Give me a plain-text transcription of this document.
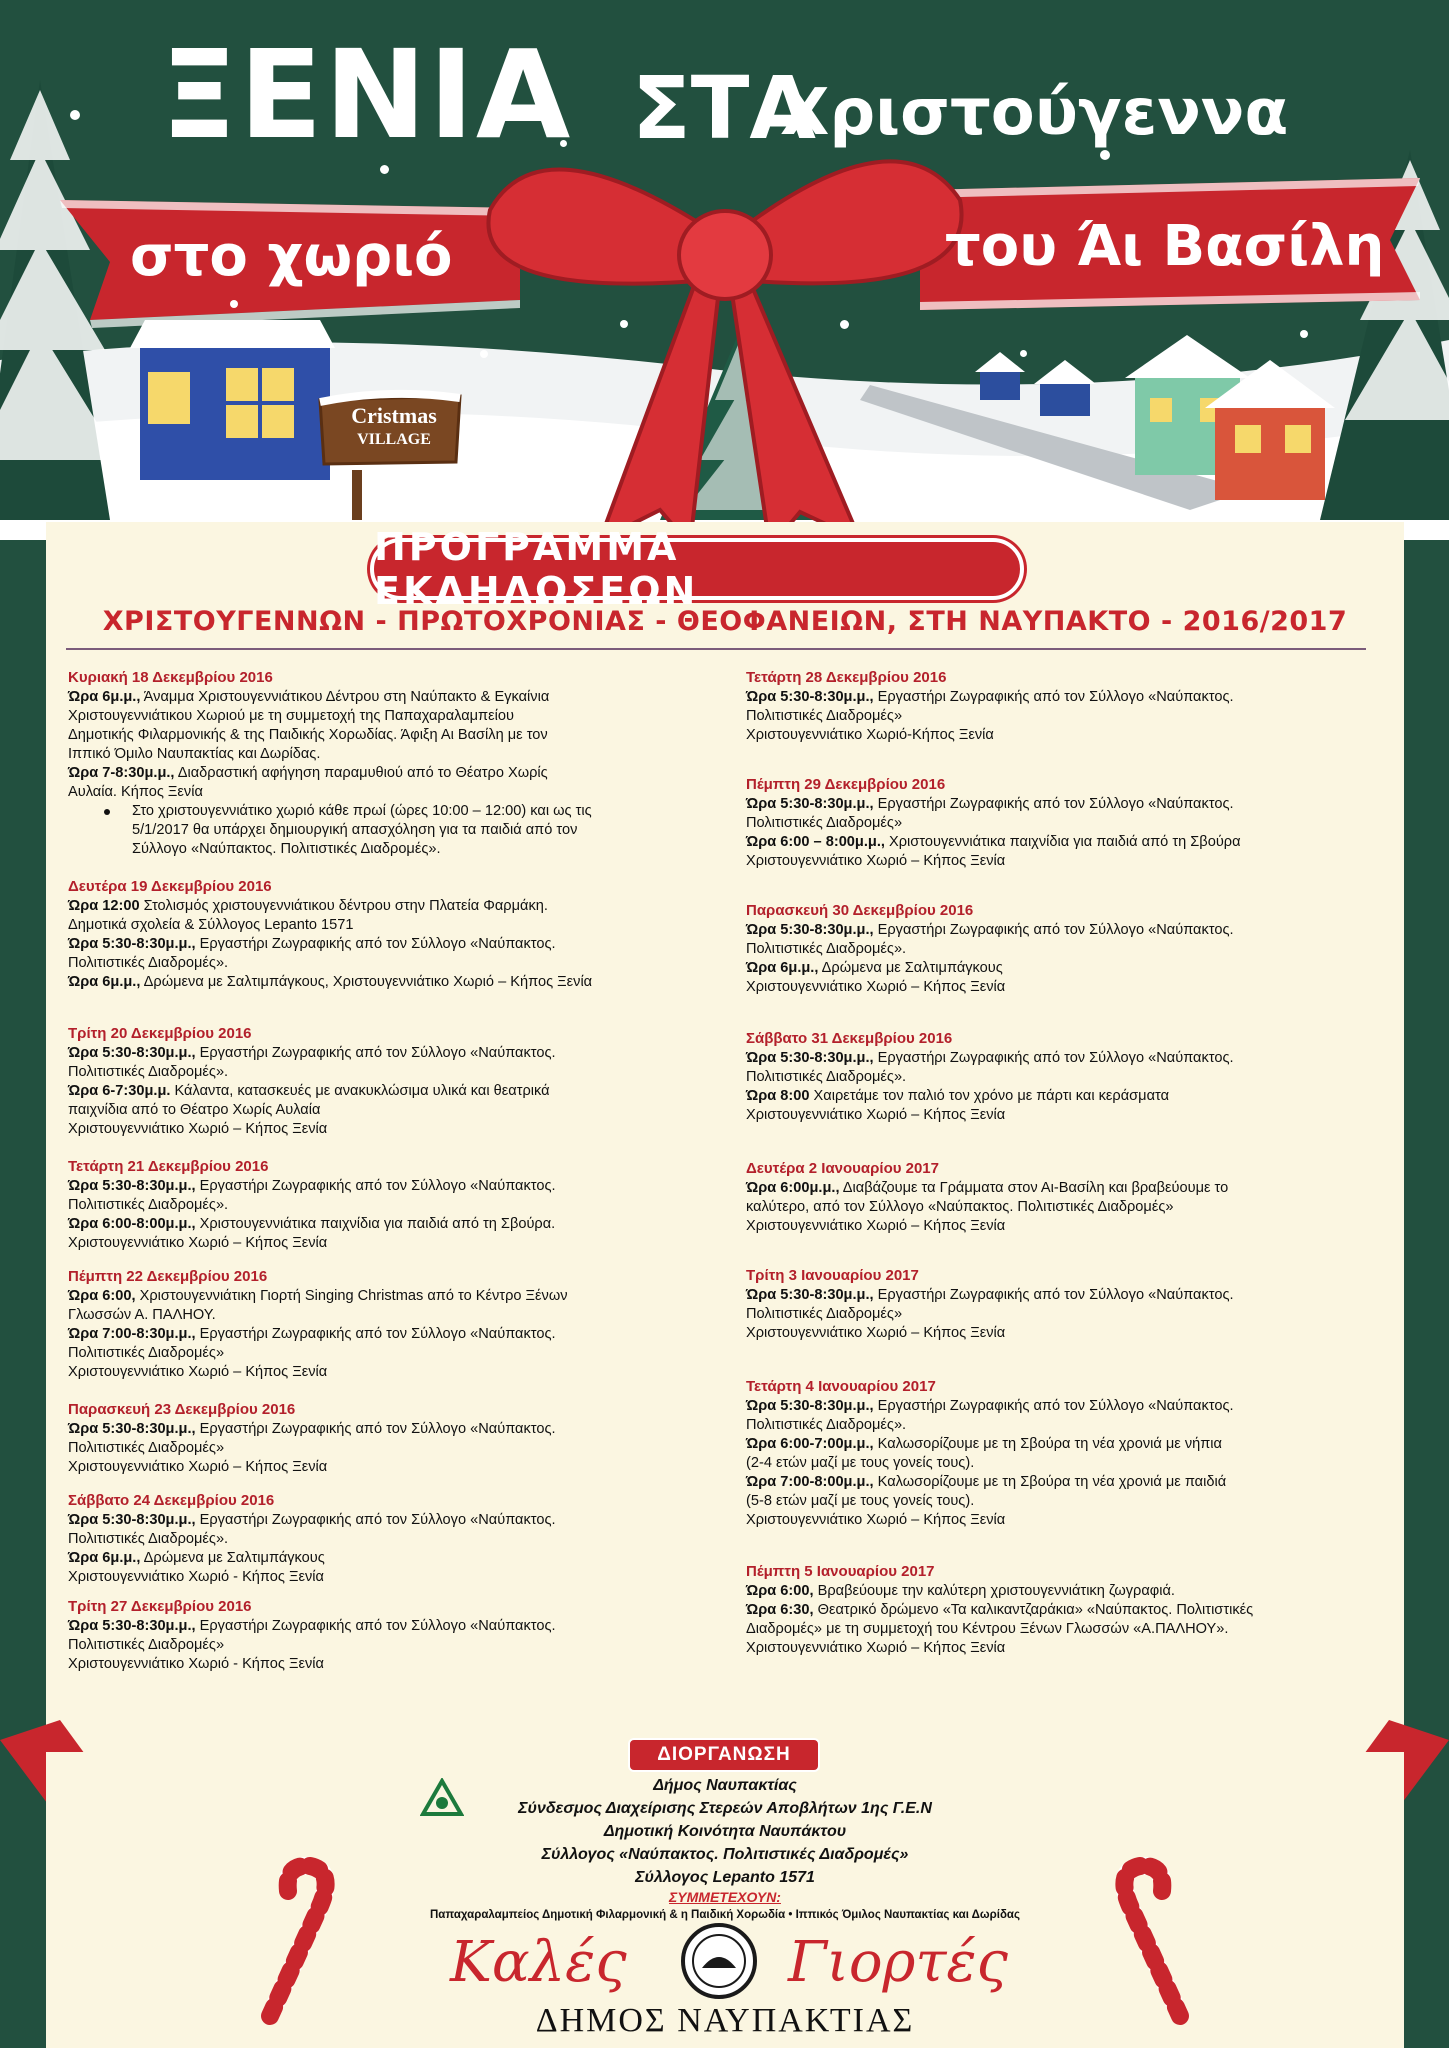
ΞΕΝΙΑ ΣΤΑ
Χριστούγεννα
στο χωριό	του Άι Βασίλη
Cristmas
VILLAGE
ΠΡΟΓΡΑΜΜΑ ΕΚΔΗΛΩΣΕΩΝ
ΧΡΙΣΤΟΥΓΕΝΝΩΝ - ΠΡΩΤΟΧΡΟΝΙΑΣ - ΘΕΟΦΑΝΕΙΩΝ, ΣΤΗ ΝΑΥΠΑΚΤΟ - 2016/2017
Κυριακή 18 Δεκεμβρίου 2016
Ώρα 6μ.μ., Άναμμα Χριστουγεννιάτικου Δέντρου στη Ναύπακτο & Εγκαίνια
Χριστουγεννιάτικου Χωριού με τη συμμετοχή της Παπαχαραλαμπείου
Δημοτικής Φιλαρμονικής & της Παιδικής Χορωδίας. Άφιξη Αι Βασίλη με τον
Ιππικό Όμιλο Ναυπακτίας και Δωρίδας.
Ώρα 7-8:30μ.μ., Διαδραστική αφήγηση παραμυθιού από το Θέατρο Χωρίς
Αυλαία. Κήπος Ξενία
Στο χριστουγεννιάτικο χωριό κάθε πρωί (ώρες 10:00 – 12:00) και ως τις
5/1/2017 θα υπάρχει δημιουργική απασχόληση για τα παιδιά από τον
Σύλλογο «Ναύπακτος. Πολιτιστικές Διαδρομές».
Δευτέρα 19 Δεκεμβρίου 2016
Ώρα 12:00 Στολισμός χριστουγεννιάτικου δέντρου στην Πλατεία Φαρμάκη.
Δημοτικά σχολεία & Σύλλογος Lepanto 1571
Ώρα 5:30-8:30μ.μ., Εργαστήρι Ζωγραφικής από τον Σύλλογο «Ναύπακτος.
Πολιτιστικές Διαδρομές».
Ώρα 6μ.μ., Δρώμενα με Σαλτιμπάγκους, Χριστουγεννιάτικο Χωριό – Κήπος Ξενία
Τρίτη 20 Δεκεμβρίου 2016
Ώρα 5:30-8:30μ.μ., Εργαστήρι Ζωγραφικής από τον Σύλλογο «Ναύπακτος.
Πολιτιστικές Διαδρομές».
Ώρα 6-7:30μ.μ. Κάλαντα, κατασκευές με ανακυκλώσιμα υλικά και θεατρικά
παιχνίδια από το Θέατρο Χωρίς Αυλαία
Χριστουγεννιάτικο Χωριό – Κήπος Ξενία
Τετάρτη 21 Δεκεμβρίου 2016
Ώρα 5:30-8:30μ.μ., Εργαστήρι Ζωγραφικής από τον Σύλλογο «Ναύπακτος.
Πολιτιστικές Διαδρομές».
Ώρα 6:00-8:00μ.μ., Χριστουγεννιάτικα παιχνίδια για παιδιά από τη Σβούρα.
Χριστουγεννιάτικο Χωριό – Κήπος Ξενία
Πέμπτη 22 Δεκεμβρίου 2016
Ώρα 6:00, Χριστουγεννιάτικη Γιορτή Singing Christmas από το Κέντρο Ξένων
Γλωσσών Α. ΠΑΛΗΟΥ.
Ώρα 7:00-8:30μ.μ., Εργαστήρι Ζωγραφικής από τον Σύλλογο «Ναύπακτος.
Πολιτιστικές Διαδρομές»
Χριστουγεννιάτικο Χωριό – Κήπος Ξενία
Παρασκευή 23 Δεκεμβρίου 2016
Ώρα 5:30-8:30μ.μ., Εργαστήρι Ζωγραφικής από τον Σύλλογο «Ναύπακτος.
Πολιτιστικές Διαδρομές»
Χριστουγεννιάτικο Χωριό – Κήπος Ξενία
Σάββατο 24 Δεκεμβρίου 2016
Ώρα 5:30-8:30μ.μ., Εργαστήρι Ζωγραφικής από τον Σύλλογο «Ναύπακτος.
Πολιτιστικές Διαδρομές».
Ώρα 6μ.μ., Δρώμενα με Σαλτιμπάγκους
Χριστουγεννιάτικο Χωριό - Κήπος Ξενία
Τρίτη 27 Δεκεμβρίου 2016
Ώρα 5:30-8:30μ.μ., Εργαστήρι Ζωγραφικής από τον Σύλλογο «Ναύπακτος.
Πολιτιστικές Διαδρομές»
Χριστουγεννιάτικο Χωριό - Κήπος Ξενία
Τετάρτη 28 Δεκεμβρίου 2016
Ώρα 5:30-8:30μ.μ., Εργαστήρι Ζωγραφικής από τον Σύλλογο «Ναύπακτος.
Πολιτιστικές Διαδρομές»
Χριστουγεννιάτικο Χωριό-Κήπος Ξενία
Πέμπτη 29 Δεκεμβρίου 2016
Ώρα 5:30-8:30μ.μ., Εργαστήρι Ζωγραφικής από τον Σύλλογο «Ναύπακτος.
Πολιτιστικές Διαδρομές»
Ώρα 6:00 – 8:00μ.μ., Χριστουγεννιάτικα παιχνίδια για παιδιά από τη Σβούρα
Χριστουγεννιάτικο Χωριό – Κήπος Ξενία
Παρασκευή 30 Δεκεμβρίου 2016
Ώρα 5:30-8:30μ.μ., Εργαστήρι Ζωγραφικής από τον Σύλλογο «Ναύπακτος.
Πολιτιστικές Διαδρομές».
Ώρα 6μ.μ., Δρώμενα με Σαλτιμπάγκους
Χριστουγεννιάτικο Χωριό – Κήπος Ξενία
Σάββατο 31 Δεκεμβρίου 2016
Ώρα 5:30-8:30μ.μ., Εργαστήρι Ζωγραφικής από τον Σύλλογο «Ναύπακτος.
Πολιτιστικές Διαδρομές».
Ώρα 8:00 Χαιρετάμε τον παλιό τον χρόνο με πάρτι και κεράσματα
Χριστουγεννιάτικο Χωριό – Κήπος Ξενία
Δευτέρα 2 Ιανουαρίου 2017
Ώρα 6:00μ.μ., Διαβάζουμε τα Γράμματα στον Αι-Βασίλη και βραβεύουμε το
καλύτερο, από τον Σύλλογο «Ναύπακτος. Πολιτιστικές Διαδρομές»
Χριστουγεννιάτικο Χωριό – Κήπος Ξενία
Τρίτη 3 Ιανουαρίου 2017
Ώρα 5:30-8:30μ.μ., Εργαστήρι Ζωγραφικής από τον Σύλλογο «Ναύπακτος.
Πολιτιστικές Διαδρομές»
Χριστουγεννιάτικο Χωριό – Κήπος Ξενία
Τετάρτη 4 Ιανουαρίου 2017
Ώρα 5:30-8:30μ.μ., Εργαστήρι Ζωγραφικής από τον Σύλλογο «Ναύπακτος.
Πολιτιστικές Διαδρομές».
Ώρα 6:00-7:00μ.μ., Καλωσορίζουμε με τη Σβούρα τη νέα χρονιά με νήπια
(2-4 ετών μαζί με τους γονείς τους).
Ώρα 7:00-8:00μ.μ., Καλωσορίζουμε με τη Σβούρα τη νέα χρονιά με παιδιά
(5-8 ετών μαζί με τους γονείς τους).
Χριστουγεννιάτικο Χωριό – Κήπος Ξενία
Πέμπτη 5 Ιανουαρίου 2017
Ώρα 6:00, Βραβεύουμε την καλύτερη χριστουγεννιάτικη ζωγραφιά.
Ώρα 6:30, Θεατρικό δρώμενο «Τα καλικαντζαράκια» «Ναύπακτος. Πολιτιστικές
Διαδρομές» με τη συμμετοχή του Κέντρου Ξένων Γλωσσών «Α.ΠΑΛΗΟΥ».
Χριστουγεννιάτικο Χωριό – Κήπος Ξενία
ΔΙΟΡΓΑΝΩΣΗ
Δήμος Ναυπακτίας
Σύνδεσμος Διαχείρισης Στερεών Αποβλήτων 1ης Γ.Ε.Ν
Δημοτική Κοινότητα Ναυπάκτου
Σύλλογος «Ναύπακτος. Πολιτιστικές Διαδρομές»
Σύλλογος Lepanto 1571
ΣΥΜΜΕΤΕΧΟΥΝ:
Παπαχαραλαμπείος Δημοτική Φιλαρμονική & η Παιδική Χορωδία • Ιππικός Όμιλος Ναυπακτίας και Δωρίδας
Καλές	Γιορτές
ΔΗΜΟΣ ΝΑΥΠΑΚΤΙΑΣ
